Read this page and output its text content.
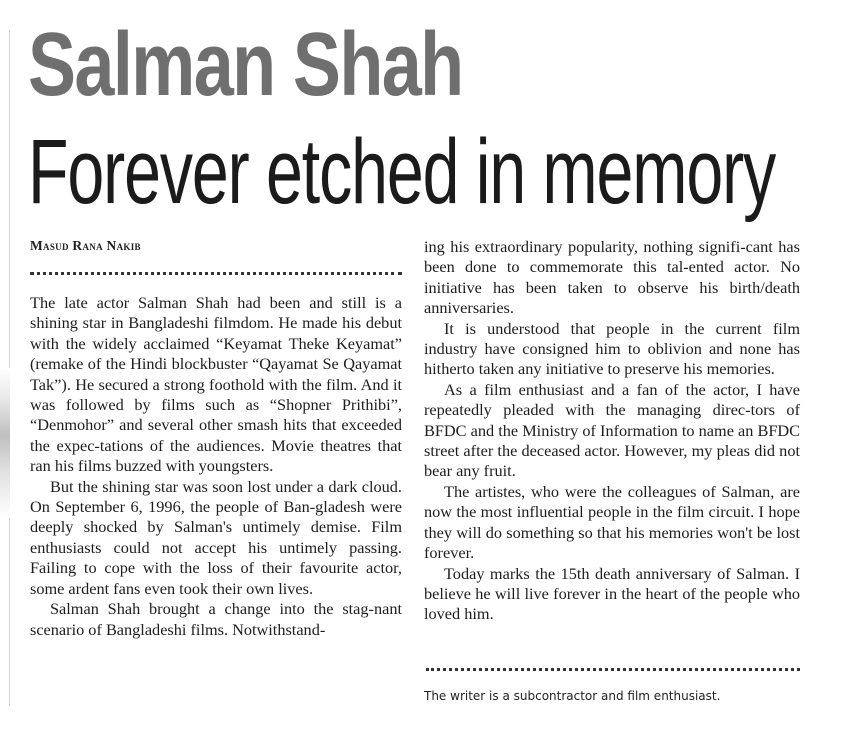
Salman Shah
Forever etched in memory
Masud Rana Nakib

The late actor Salman Shah had been and still is a shining star in Bangladeshi filmdom. He made his debut with the widely acclaimed “Keyamat Theke Keyamat” (remake of the Hindi blockbuster “Qayamat Se Qayamat Tak”). He secured a strong foothold with the film. And it was followed by films such as “Shopner Prithibi”, “Denmohor” and several other smash hits that exceeded the expec-tations of the audiences. Movie theatres that ran his films buzzed with youngsters.

But the shining star was soon lost under a dark cloud. On September 6, 1996, the people of Ban-gladesh were deeply shocked by Salman's untimely demise. Film enthusiasts could not accept his untimely passing. Failing to cope with the loss of their favourite actor, some ardent fans even took their own lives.

Salman Shah brought a change into the stag-nant scenario of Bangladeshi films. Notwithstand-

ing his extraordinary popularity, nothing signifi-cant has been done to commemorate this tal-ented actor. No initiative has been taken to observe his birth/death anniversaries.

It is understood that people in the current film industry have consigned him to oblivion and none has hitherto taken any initiative to preserve his memories.

As a film enthusiast and a fan of the actor, I have repeatedly pleaded with the managing direc-tors of BFDC and the Ministry of Information to name an BFDC street after the deceased actor. However, my pleas did not bear any fruit.

The artistes, who were the colleagues of Salman, are now the most influential people in the film circuit. I hope they will do something so that his memories won't be lost forever.

Today marks the 15th death anniversary of Salman. I believe he will live forever in the heart of the people who loved him.

The writer is a subcontractor and film enthusiast.
